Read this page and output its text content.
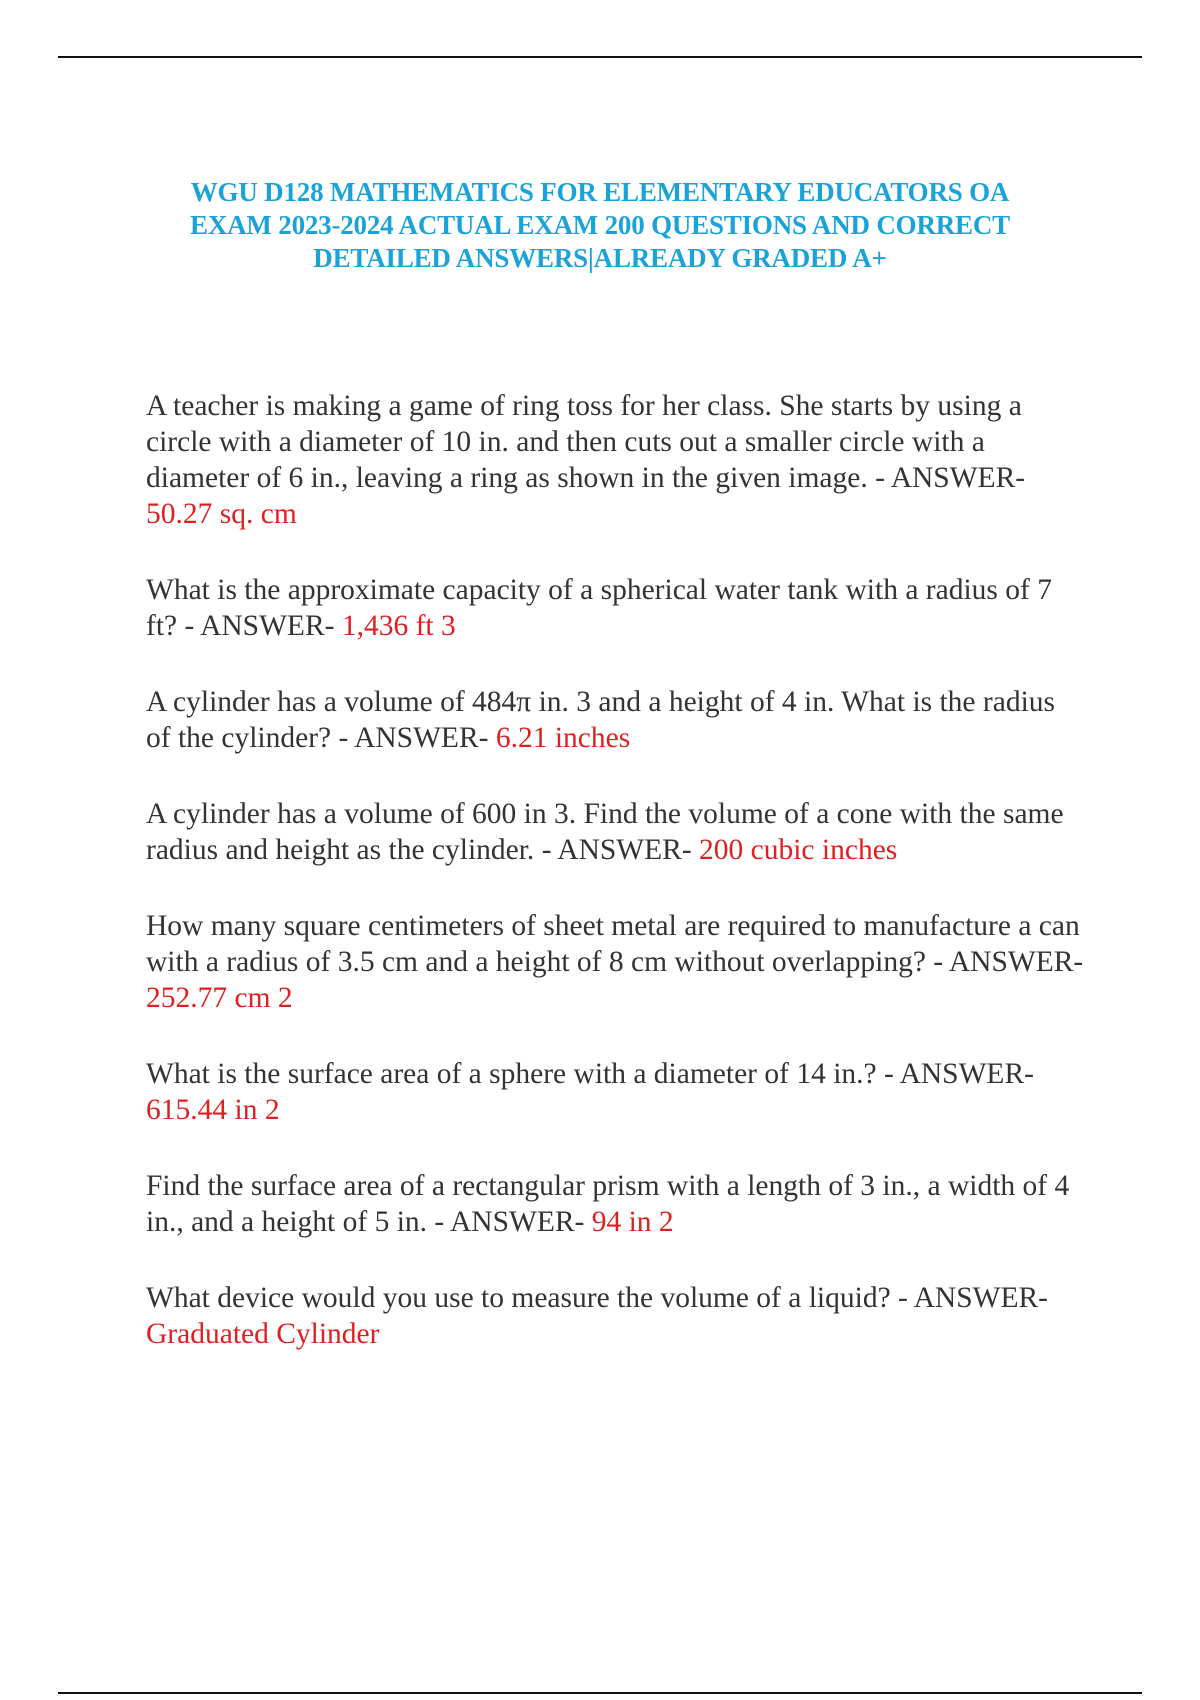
WGU D128 MATHEMATICS FOR ELEMENTARY EDUCATORS OA EXAM 2023-2024 ACTUAL EXAM 200 QUESTIONS AND CORRECT DETAILED ANSWERS|ALREADY GRADED A+

A teacher is making a game of ring toss for her class. She starts by using a circle with a diameter of 10 in. and then cuts out a smaller circle with a diameter of 6 in., leaving a ring as shown in the given image. - ANSWER- 50.27 sq. cm

What is the approximate capacity of a spherical water tank with a radius of 7 ft? - ANSWER- 1,436 ft 3

A cylinder has a volume of 484π in. 3 and a height of 4 in. What is the radius of the cylinder? - ANSWER- 6.21 inches

A cylinder has a volume of 600 in 3. Find the volume of a cone with the same radius and height as the cylinder. - ANSWER- 200 cubic inches

How many square centimeters of sheet metal are required to manufacture a can with a radius of 3.5 cm and a height of 8 cm without overlapping? - ANSWER- 252.77 cm 2

What is the surface area of a sphere with a diameter of 14 in.? - ANSWER- 615.44 in 2

Find the surface area of a rectangular prism with a length of 3 in., a width of 4 in., and a height of 5 in. - ANSWER- 94 in 2

What device would you use to measure the volume of a liquid? - ANSWER- Graduated Cylinder
